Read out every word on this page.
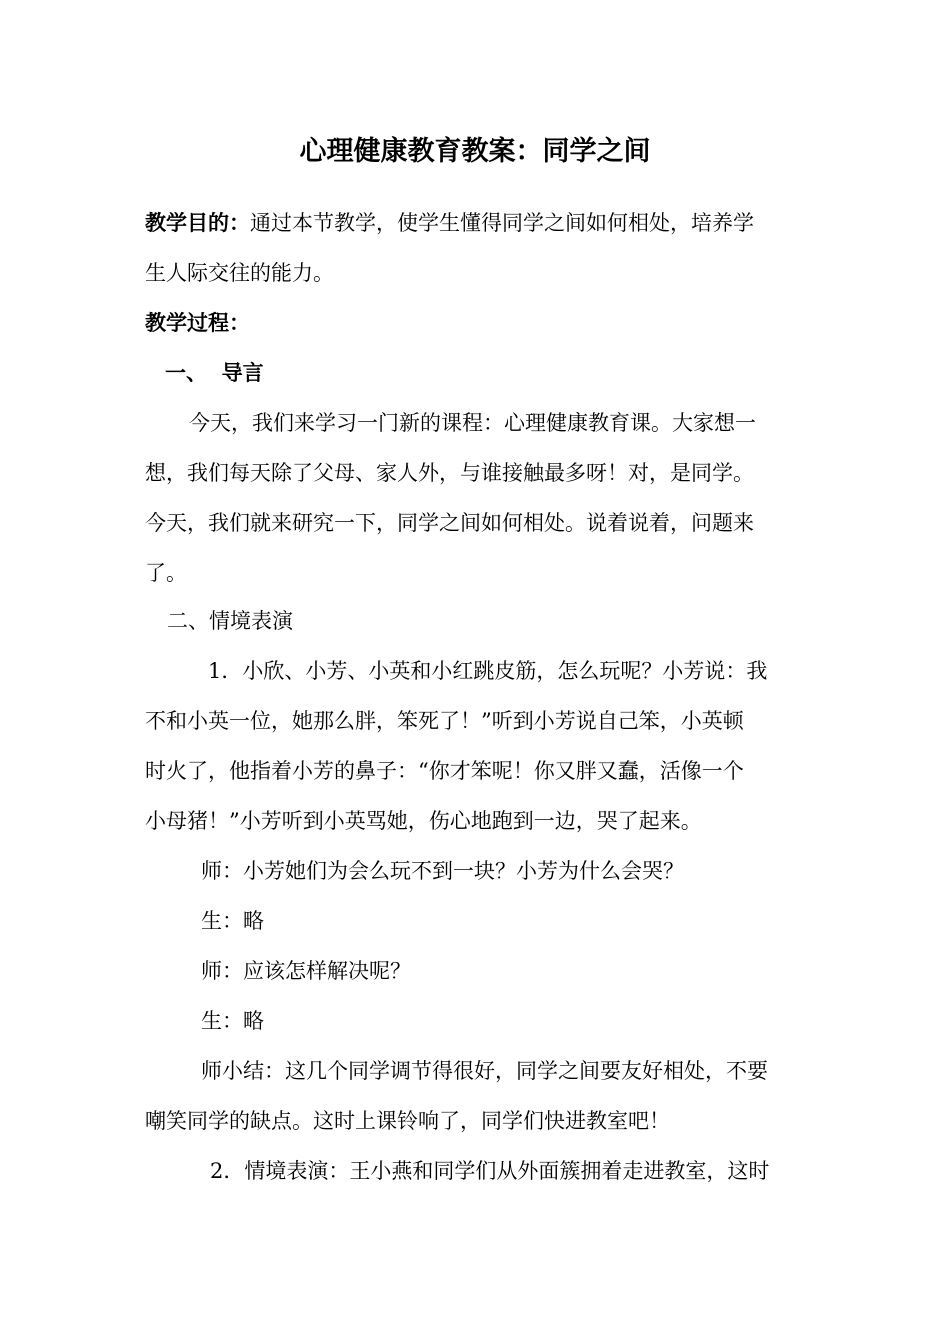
心理健康教育教案：同学之间
教学目的：通过本节教学，使学生懂得同学之间如何相处，培养学
生人际交往的能力。
教学过程：
一、  导言
今天，我们来学习一门新的课程：心理健康教育课。大家想一
想，我们每天除了父母、家人外，与谁接触最多呀！对，是同学。
今天，我们就来研究一下，同学之间如何相处。说着说着，问题来
了。
二、情境表演
1．小欣、小芳、小英和小红跳皮筋，怎么玩呢？小芳说：我
不和小英一位，她那么胖，笨死了！”听到小芳说自己笨，小英顿
时火了，他指着小芳的鼻子：“你才笨呢！你又胖又蠢，活像一个
小母猪！”小芳听到小英骂她，伤心地跑到一边，哭了起来。
师：小芳她们为会么玩不到一块？小芳为什么会哭？
生：略
师：应该怎样解决呢？
生：略
师小结：这几个同学调节得很好，同学之间要友好相处，不要
嘲笑同学的缺点。这时上课铃响了，同学们快进教室吧！
2．情境表演：王小燕和同学们从外面簇拥着走进教室，这时
